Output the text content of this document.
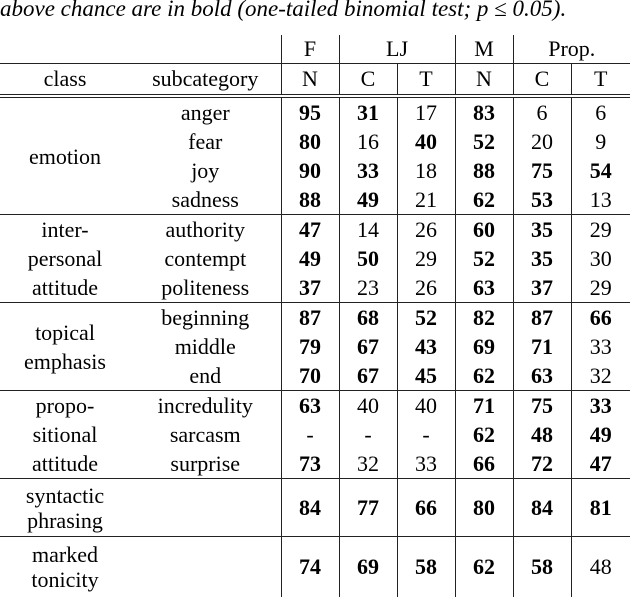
above chance are in bold (one-tailed binomial test; p ≤ 0.05).
		F	LJ		M	Prop.	
class	subcategory	N	C	T	N	C	T

emotion	anger	95	31	17	83	6	6
	fear	80	16	40	52	20	9
	joy	90	33	18	88	75	54
	sadness	88	49	21	62	53	13

inter-
personal
attitude	authority	47	14	26	60	35	29
	contempt	49	50	29	52	35	30
	politeness	37	23	26	63	37	29

topical
emphasis	beginning	87	68	52	82	87	66
	middle	79	67	43	69	71	33
	end	70	67	45	62	63	32

propo-
sitional
attitude	incredulity	63	40	40	71	75	33
	sarcasm	-	-	-	62	48	49
	surprise	73	32	33	66	72	47

syntactic
phrasing		84	77	66	80	84	81

marked
tonicity		74	69	58	62	58	48
